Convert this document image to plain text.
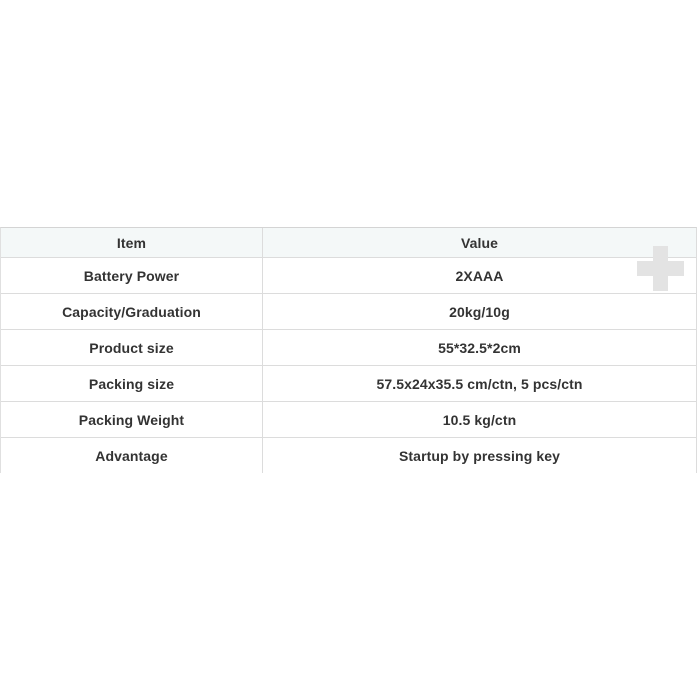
Item	Value
Battery Power	2XAAA
Capacity/Graduation	20kg/10g
Product size	55*32.5*2cm
Packing size	57.5x24x35.5 cm/ctn, 5 pcs/ctn
Packing Weight	10.5 kg/ctn
Advantage	Startup by pressing key
